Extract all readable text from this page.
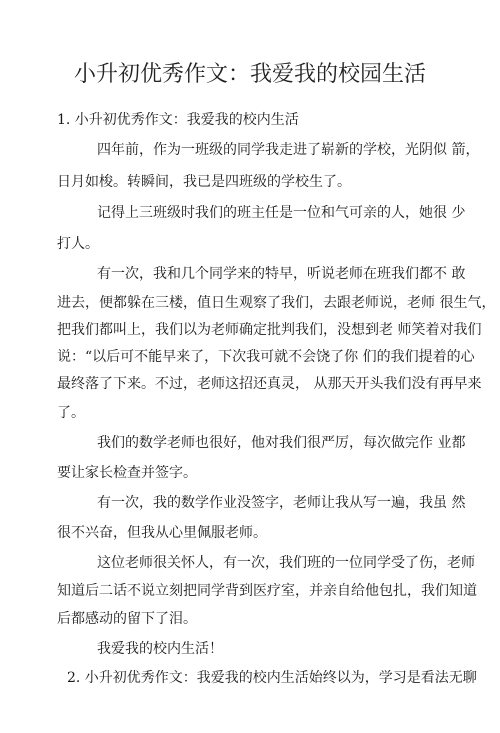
小升初优秀作文：我爱我的校园生活
1. 小升初优秀作文：我爱我的校内生活
四年前，作为一班级的同学我走进了崭新的学校，光阴似 箭，
日月如梭。转瞬间，我已是四班级的学校生了。
记得上三班级时我们的班主任是一位和气可亲的人，她很 少
打人。
有一次，我和几个同学来的特早，听说老师在班我们都不 敢
进去，便都躲在三楼，值日生观察了我们，去跟老师说，老师 很生气，
把我们都叫上，我们以为老师确定批判我们，没想到老 师笑着对我们
说：“以后可不能早来了，下次我可就不会饶了你 们的我们提着的心
最终落了下来。不过，老师这招还真灵， 从那天开头我们没有再早来
了。
我们的数学老师也很好，他对我们很严厉，每次做完作 业都
要让家长检查并签字。
有一次，我的数学作业没签字，老师让我从写一遍，我虽 然
很不兴奋，但我从心里佩服老师。
这位老师很关怀人，有一次，我们班的一位同学受了伤，老师
知道后二话不说立刻把同学背到医疗室，并亲自给他包扎，我们知道
后都感动的留下了泪。
我爱我的校内生活！
2. 小升初优秀作文：我爱我的校内生活始终以为，学习是看法无聊
